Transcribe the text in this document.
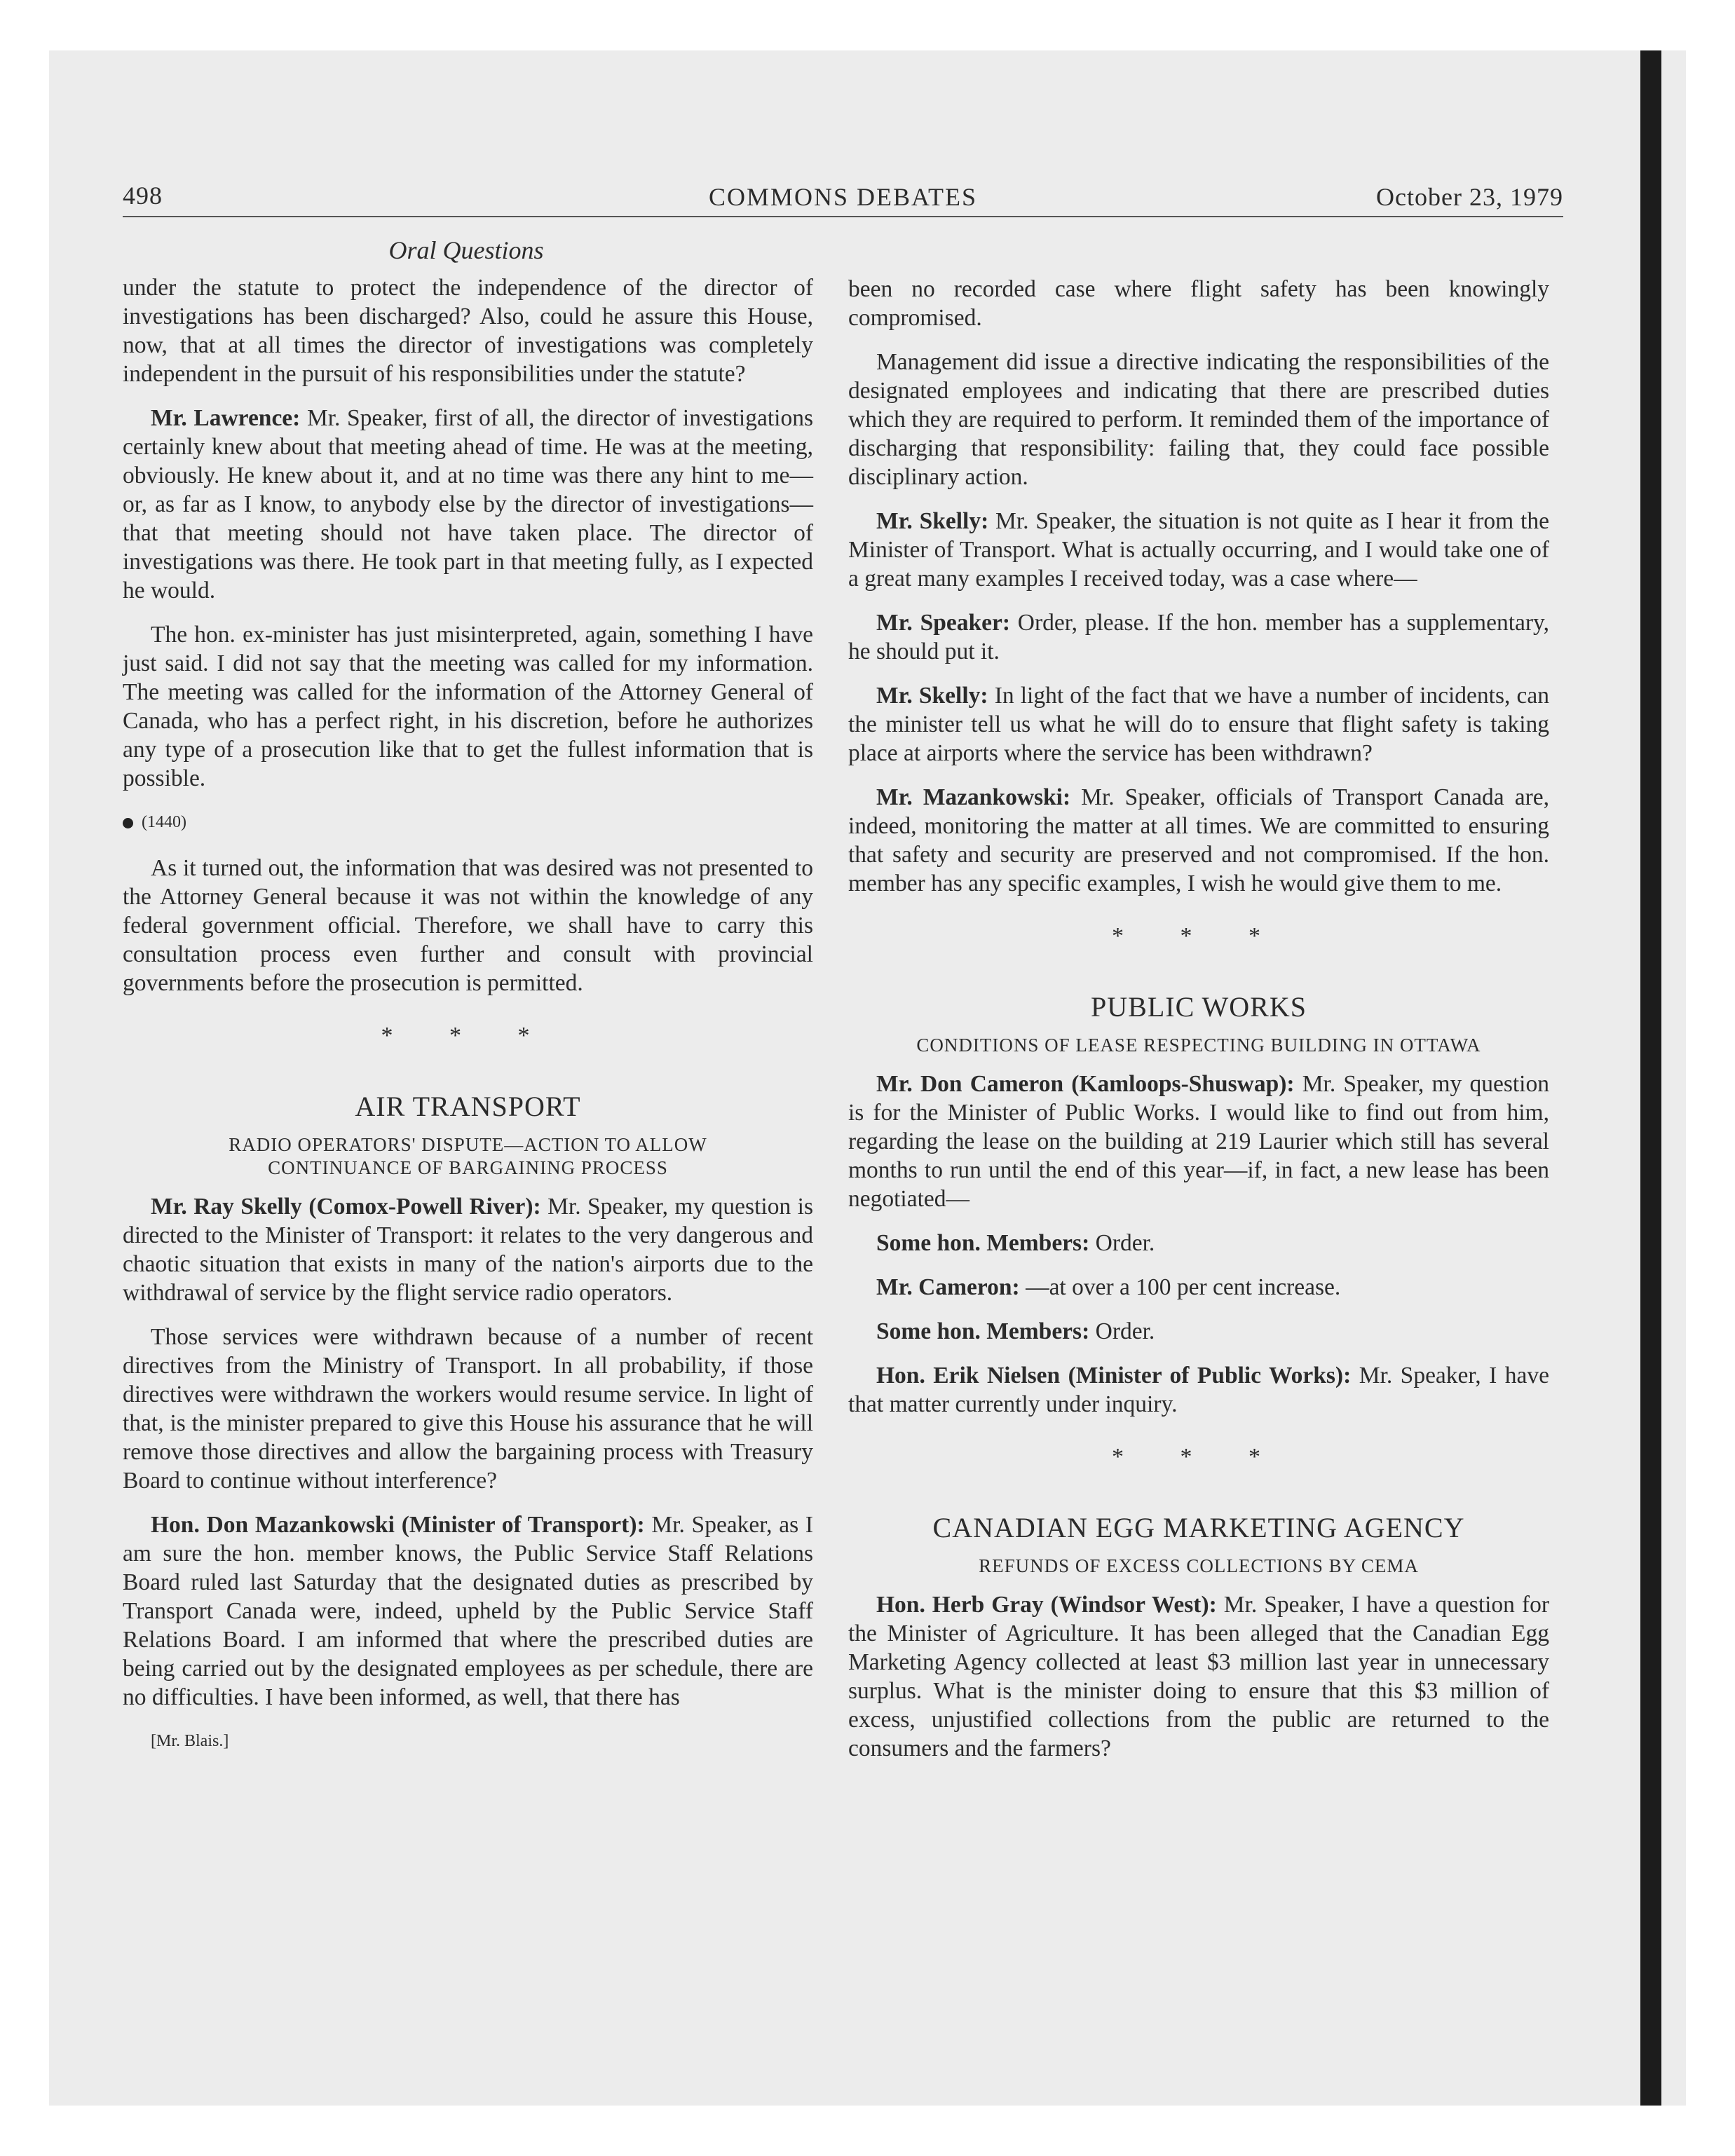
498	COMMONS DEBATES	October 23, 1979
Oral Questions

under the statute to protect the independence of the director of investigations has been discharged? Also, could he assure this House, now, that at all times the director of investigations was completely independent in the pursuit of his responsibilities under the statute?

Mr. Lawrence: Mr. Speaker, first of all, the director of investigations certainly knew about that meeting ahead of time. He was at the meeting, obviously. He knew about it, and at no time was there any hint to me—or, as far as I know, to anybody else by the director of investigations—that that meeting should not have taken place. The director of investigations was there. He took part in that meeting fully, as I expected he would.

The hon. ex-minister has just misinterpreted, again, something I have just said. I did not say that the meeting was called for my information. The meeting was called for the information of the Attorney General of Canada, who has a perfect right, in his discretion, before he authorizes any type of a prosecution like that to get the fullest information that is possible.

(1440)

As it turned out, the information that was desired was not presented to the Attorney General because it was not within the knowledge of any federal government official. Therefore, we shall have to carry this consultation process even further and consult with provincial governments before the prosecution is permitted.

* * *
AIR TRANSPORT
RADIO OPERATORS' DISPUTE—ACTION TO ALLOW
CONTINUANCE OF BARGAINING PROCESS

Mr. Ray Skelly (Comox-Powell River): Mr. Speaker, my question is directed to the Minister of Transport: it relates to the very dangerous and chaotic situation that exists in many of the nation's airports due to the withdrawal of service by the flight service radio operators.

Those services were withdrawn because of a number of recent directives from the Ministry of Transport. In all probability, if those directives were withdrawn the workers would resume service. In light of that, is the minister prepared to give this House his assurance that he will remove those directives and allow the bargaining process with Treasury Board to continue without interference?

Hon. Don Mazankowski (Minister of Transport): Mr. Speaker, as I am sure the hon. member knows, the Public Service Staff Relations Board ruled last Saturday that the designated duties as prescribed by Transport Canada were, indeed, upheld by the Public Service Staff Relations Board. I am informed that where the prescribed duties are being carried out by the designated employees as per schedule, there are no difficulties. I have been informed, as well, that there has

[Mr. Blais.]

been no recorded case where flight safety has been knowingly compromised.

Management did issue a directive indicating the responsibilities of the designated employees and indicating that there are prescribed duties which they are required to perform. It reminded them of the importance of discharging that responsibility: failing that, they could face possible disciplinary action.

Mr. Skelly: Mr. Speaker, the situation is not quite as I hear it from the Minister of Transport. What is actually occurring, and I would take one of a great many examples I received today, was a case where—

Mr. Speaker: Order, please. If the hon. member has a supplementary, he should put it.

Mr. Skelly: In light of the fact that we have a number of incidents, can the minister tell us what he will do to ensure that flight safety is taking place at airports where the service has been withdrawn?

Mr. Mazankowski: Mr. Speaker, officials of Transport Canada are, indeed, monitoring the matter at all times. We are committed to ensuring that safety and security are preserved and not compromised. If the hon. member has any specific examples, I wish he would give them to me.

* * *
PUBLIC WORKS
CONDITIONS OF LEASE RESPECTING BUILDING IN OTTAWA

Mr. Don Cameron (Kamloops-Shuswap): Mr. Speaker, my question is for the Minister of Public Works. I would like to find out from him, regarding the lease on the building at 219 Laurier which still has several months to run until the end of this year—if, in fact, a new lease has been negotiated—

Some hon. Members: Order.

Mr. Cameron: —at over a 100 per cent increase.

Some hon. Members: Order.

Hon. Erik Nielsen (Minister of Public Works): Mr. Speaker, I have that matter currently under inquiry.

* * *
CANADIAN EGG MARKETING AGENCY
REFUNDS OF EXCESS COLLECTIONS BY CEMA

Hon. Herb Gray (Windsor West): Mr. Speaker, I have a question for the Minister of Agriculture. It has been alleged that the Canadian Egg Marketing Agency collected at least $3 million last year in unnecessary surplus. What is the minister doing to ensure that this $3 million of excess, unjustified collections from the public are returned to the consumers and the farmers?
